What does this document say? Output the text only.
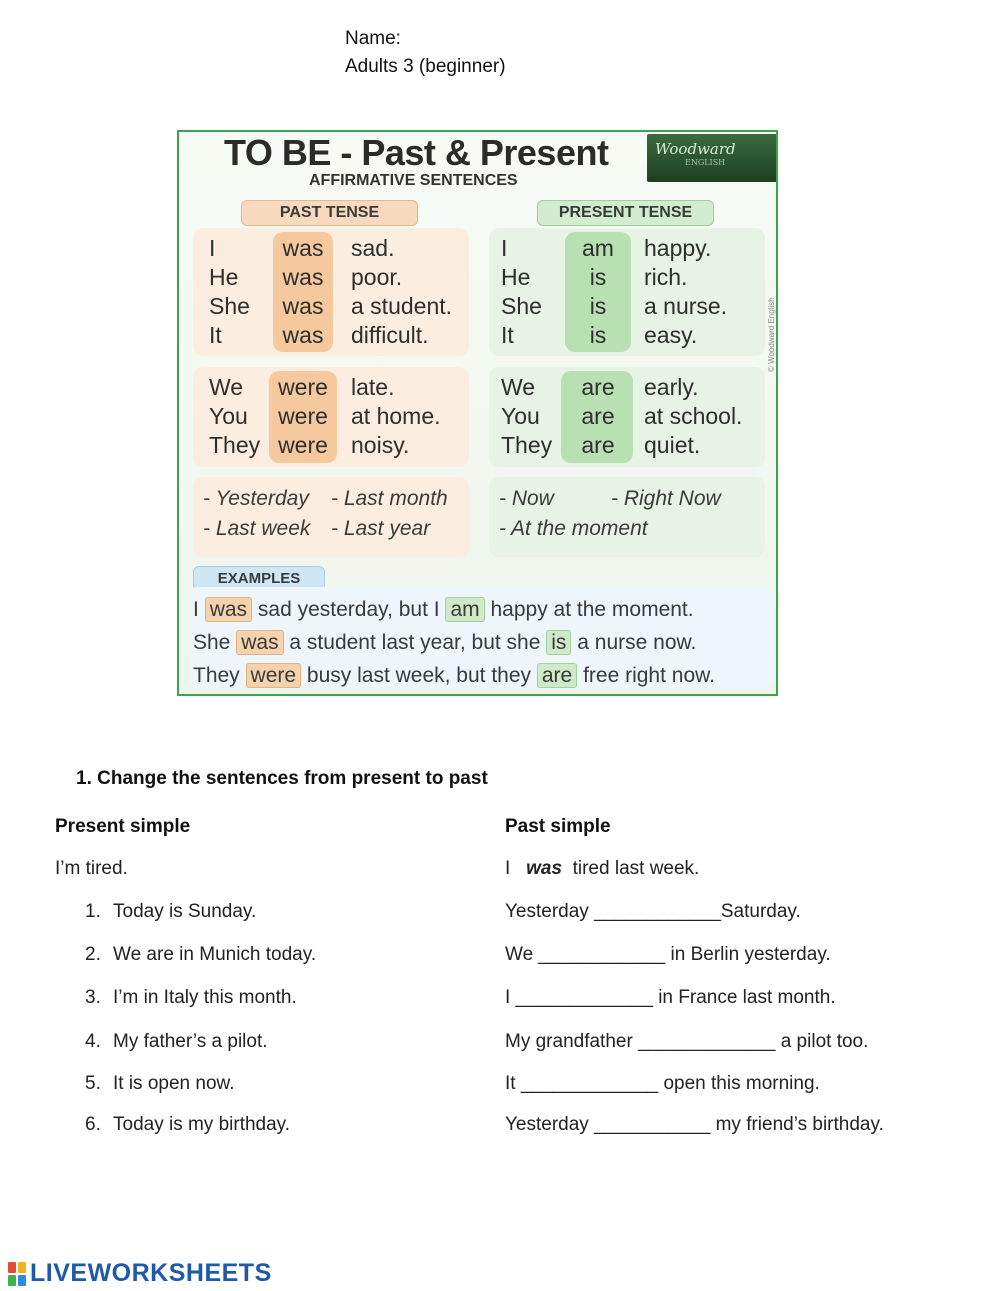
Name:
Adults 3 (beginner)
TO BE - Past & Present
AFFIRMATIVE SENTENCES
Woodward
ENGLISH
PAST TENSE	PRESENT TENSE
I	was	sad.
He	was	poor.
She	was	a student.
It	was	difficult.
I	am	happy.
He	is	rich.
She	is	a nurse.
It	is	easy.
We	were	late.
You	were	at home.
They were	noisy.
We	are	early.
You	are	at school.
They	are	quiet.
- Yesterday - Last month
- Last week - Last year
- Now	- Right Now
- At the moment
EXAMPLES
I was sad yesterday, but I am happy at the moment.
She was a student last year, but she is a nurse now.
They were busy last week, but they are free right now.
© Woodward English
1. Change the sentences from present to past
Present simple	Past simple
I’m tired.	I was tired last week.
1. Today is Sunday.	Yesterday ____________Saturday.
2. We are in Munich today.	We ____________ in Berlin yesterday.
3. I’m in Italy this month.	I _____________ in France last month.
4. My father’s a pilot.	My grandfather _____________ a pilot too.
5. It is open now.	It _____________ open this morning.
6. Today is my birthday.	Yesterday ___________ my friend’s birthday.
LIVEWORKSHEETS
